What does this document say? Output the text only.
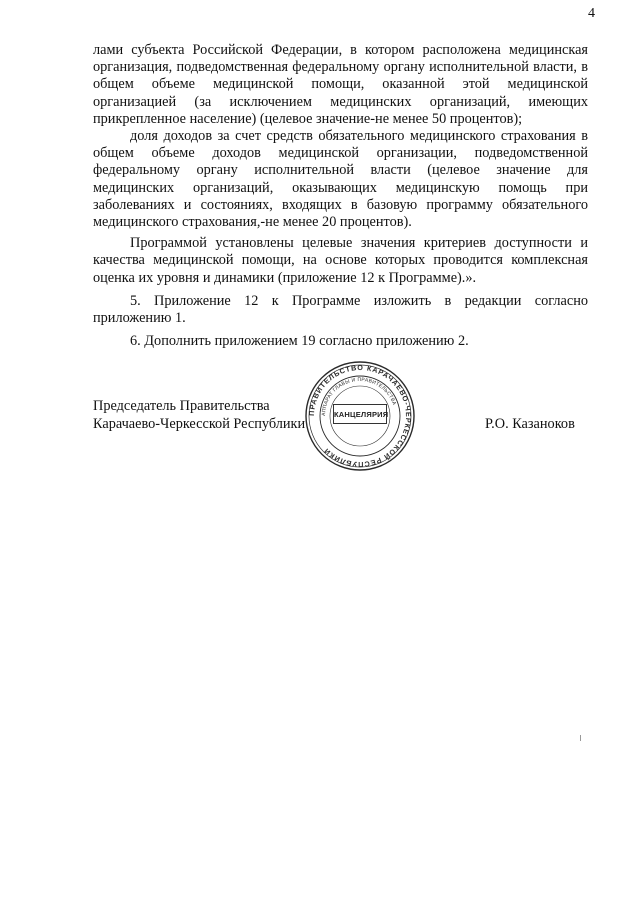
4

лами субъекта Российской Федерации, в котором расположена медицинская организация, подведомственная федеральному органу исполнительной власти, в общем объеме медицинской помощи, оказанной этой медицинской организацией (за исключением медицинских организаций, имеющих прикрепленное население) (целевое значение-не менее 50 процентов);

доля доходов за счет средств обязательного медицинского страхования в общем объеме доходов медицинской организации, подведомственной федеральному органу исполнительной власти (целевое значение для медицинских организаций, оказывающих медицинскую помощь при заболеваниях и состояниях, входящих в базовую программу обязательного медицинского страхования,-не менее 20 процентов).

Программой установлены целевые значения критериев доступности и качества медицинской помощи, на основе которых проводится комплексная оценка их уровня и динамики (приложение 12 к Программе).».

5. Приложение 12 к Программе изложить в редакции согласно приложению 1.

6. Дополнить приложением 19 согласно приложению 2.

Председатель Правительства
Карачаево-Черкесской Республики
ПРАВИТЕЛЬСТВО КАРАЧАЕВО-ЧЕРКЕССКОЙ РЕСПУБЛИКИ
АППАРАТ ГЛАВЫ И ПРАВИТЕЛЬСТВА
КАНЦЕЛЯРИЯ
Р.О. Казаноков
